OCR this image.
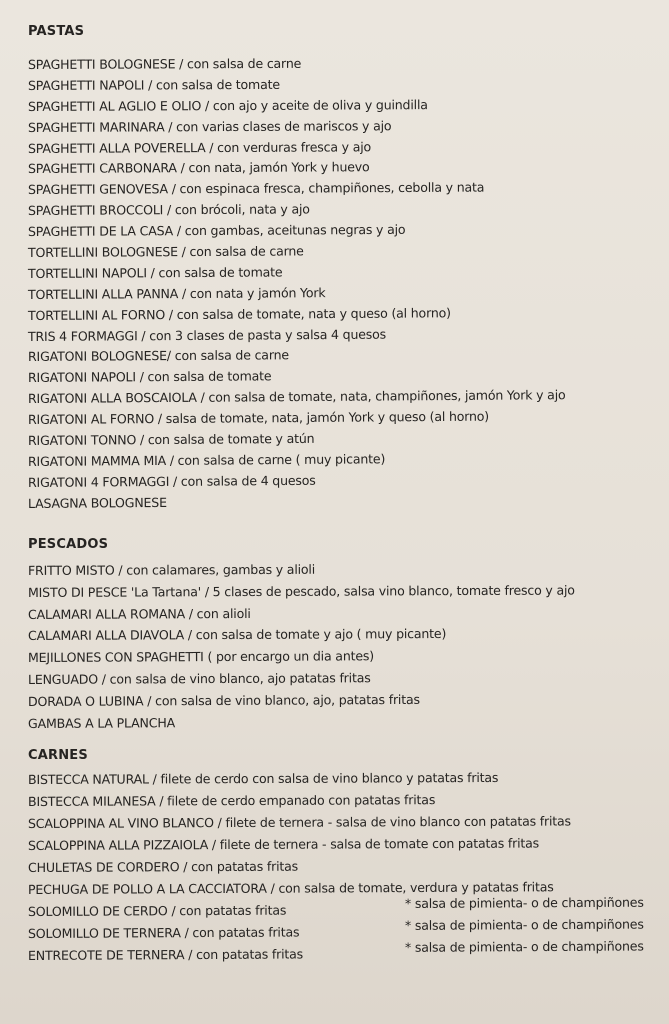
PASTAS
SPAGHETTI BOLOGNESE / con salsa de carne
SPAGHETTI NAPOLI / con salsa de tomate
SPAGHETTI AL AGLIO E OLIO / con ajo y aceite de oliva y guindilla
SPAGHETTI MARINARA / con varias clases de mariscos y ajo
SPAGHETTI ALLA POVERELLA / con verduras fresca y ajo
SPAGHETTI CARBONARA / con nata, jamón York y huevo
SPAGHETTI GENOVESA / con espinaca fresca, champiñones, cebolla y nata
SPAGHETTI BROCCOLI / con brócoli, nata y ajo
SPAGHETTI DE LA CASA / con gambas, aceitunas negras y ajo
TORTELLINI BOLOGNESE / con salsa de carne
TORTELLINI NAPOLI / con salsa de tomate
TORTELLINI ALLA PANNA / con nata y jamón York
TORTELLINI AL FORNO / con salsa de tomate, nata y queso (al horno)
TRIS 4 FORMAGGI / con 3 clases de pasta y salsa 4 quesos
RIGATONI BOLOGNESE/ con salsa de carne
RIGATONI NAPOLI / con salsa de tomate
RIGATONI ALLA BOSCAIOLA / con salsa de tomate, nata, champiñones, jamón York y ajo
RIGATONI AL FORNO / salsa de tomate, nata, jamón York y queso (al horno)
RIGATONI TONNO / con salsa de tomate y atún
RIGATONI MAMMA MIA / con salsa de carne ( muy picante)
RIGATONI 4 FORMAGGI / con salsa de 4 quesos
LASAGNA BOLOGNESE
PESCADOS
FRITTO MISTO / con calamares, gambas y alioli
MISTO DI PESCE 'La Tartana' / 5 clases de pescado, salsa vino blanco, tomate fresco y ajo
CALAMARI ALLA ROMANA / con alioli
CALAMARI ALLA DIAVOLA / con salsa de tomate y ajo ( muy picante)
MEJILLONES CON SPAGHETTI ( por encargo un dia antes)
LENGUADO / con salsa de vino blanco, ajo patatas fritas
DORADA O LUBINA / con salsa de vino blanco, ajo, patatas fritas
GAMBAS A LA PLANCHA
CARNES
BISTECCA NATURAL / filete de cerdo con salsa de vino blanco y patatas fritas
BISTECCA MILANESA / filete de cerdo empanado con patatas fritas
SCALOPPINA AL VINO BLANCO / filete de ternera - salsa de vino blanco con patatas fritas
SCALOPPINA ALLA PIZZAIOLA / filete de ternera - salsa de tomate con patatas fritas
CHULETAS DE CORDERO / con patatas fritas
PECHUGA DE POLLO A LA CACCIATORA / con salsa de tomate, verdura y patatas fritas
SOLOMILLO DE CERDO / con patatas fritas	* salsa de pimienta- o de champiñones
SOLOMILLO DE TERNERA / con patatas fritas	* salsa de pimienta- o de champiñones
ENTRECOTE DE TERNERA / con patatas fritas	* salsa de pimienta- o de champiñones
